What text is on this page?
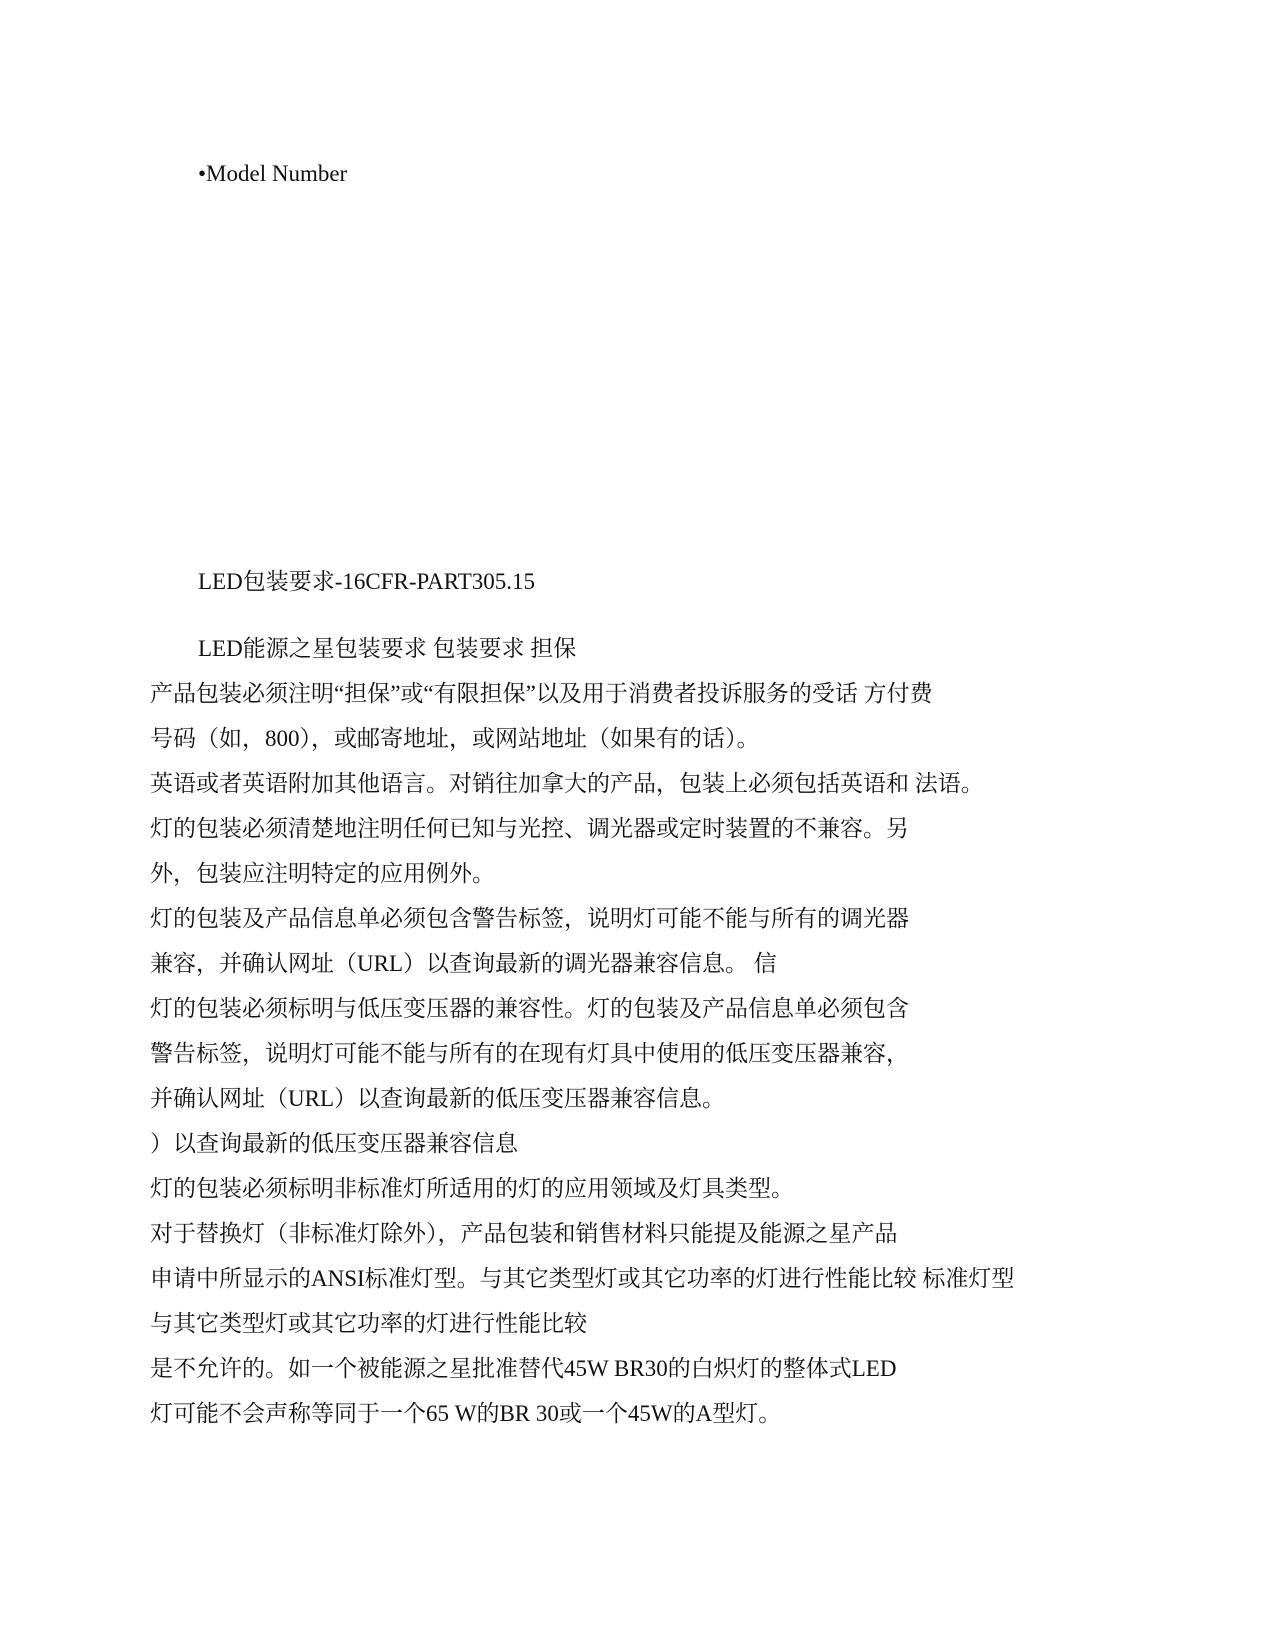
•Model Number
LED包装要求-16CFR-PART305.15
LED能源之星包装要求 包装要求 担保
产品包装必须注明“担保”或“有限担保”以及用于消费者投诉服务的受话 方付费
号码（如，800），或邮寄地址，或网站地址（如果有的话）。
英语或者英语附加其他语言。对销往加拿大的产品，包装上必须包括英语和 法语。
灯的包装必须清楚地注明任何已知与光控、调光器或定时装置的不兼容。另
外，包装应注明特定的应用例外。
灯的包装及产品信息单必须包含警告标签，说明灯可能不能与所有的调光器
兼容，并确认网址（URL）以查询最新的调光器兼容信息。 信
灯的包装必须标明与低压变压器的兼容性。灯的包装及产品信息单必须包含
警告标签，说明灯可能不能与所有的在现有灯具中使用的低压变压器兼容，
并确认网址（URL）以查询最新的低压变压器兼容信息。
）以查询最新的低压变压器兼容信息
灯的包装必须标明非标准灯所适用的灯的应用领域及灯具类型。
对于替换灯（非标准灯除外），产品包装和销售材料只能提及能源之星产品
申请中所显示的ANSI标准灯型。与其它类型灯或其它功率的灯进行性能比较 标准灯型
与其它类型灯或其它功率的灯进行性能比较
是不允许的。如一个被能源之星批准替代45W BR30的白炽灯的整体式LED
灯可能不会声称等同于一个65 W的BR 30或一个45W的A型灯。
